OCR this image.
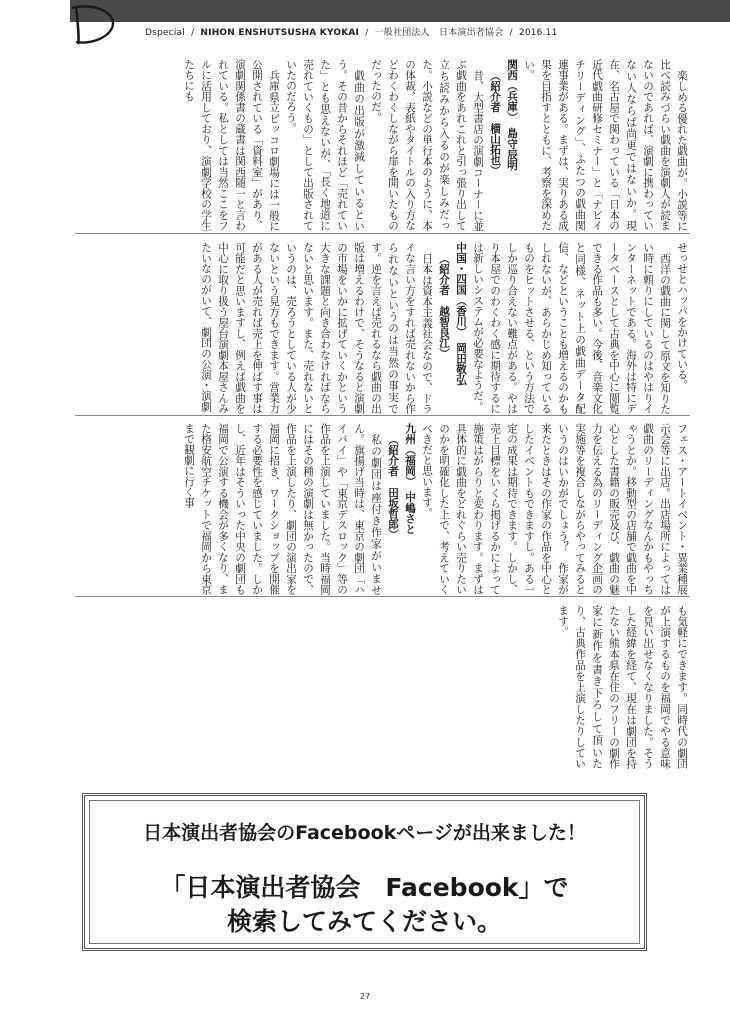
Dspecial / NIHON ENSHUTSUSHA KYOKAI / 一般社団法人　日本演出者協会 / 2016.11

楽しめる優れた戯曲が。小説等に比べ読みづらい戯曲を演劇人が読まないのであれば、演劇に携わっていない人ならば尚更ではないか。現在、名古屋で関わっている「日本の近代戯曲研修セミナー」と「ナビイチリーディング」、ふたつの戯曲関連事業がある。まずは、実りある成果を目指すとともに、考察を深めたい。

関西（兵庫）　島守辰明

（紹介者　横山拓也）

昔、大型書店の演劇コーナーに並ぶ戯曲をあれこれと引っ張り出して立ち読みから入るのが楽しみだった。小説などの単行本のように、本の体裁、表紙やタイトルの入り方などわくわくしながら扉を開いたものだったのだ。

戯曲の出版が激減しているという。その昔からそれほど「売れていた」とも思えないが、「長く地道に売れていくもの」として出版されていたのだろう。

兵庫県立ピッコロ劇場には一般に公開されている「資料室」があり、演劇関係書の蔵書は関西随一と言われている。私としては当然ここをフルに活用しており、演劇学校の学生たちにも

せっせとハッパをかけている。

西洋の戯曲に関して原文を知りたい時に頼りにしているのはやはりインターネットである。海外は特にデータベースとして古典を中心に閲覧できる作品も多い。今後、音楽文化と同様、ネット上の戯曲データ配信、などということも増えるのかもしれないが、あらかじめ知っているものをヒットさせる、という方法でしか巡り合えない難点がある。やはり本屋でのわくわく感に期待するには新しいシステムが必要なようだ。

中国・四国（香川）　岡田敬弘

（紹介者　越智良江）

日本は資本主義社会なので、ドライな言い方をすれば売れないから作られないというのは当然の事実です。逆を言えば売れるなら戯曲の出版は増えるわけで、そうなると演劇の市場をいかに拡げていくかという大きな課題と向き合わなければならないと思います。また、売れないというのは、売ろうとしている人が少ないという見方もできます。営業力がある人が売れば売上を伸ばす事は可能だと思いますし、例えば戯曲を中心に取り扱う屋台演劇本屋さんみたいなのがいて、劇団の公演・演劇

フェス・アートイベント・異業種展示会等に出店。出店場所によっては戯曲のリーディングなんかもやっちゃうとか。移動型の店舗で戯曲を中心とした書籍の販売及び、戯曲の魅力を伝える為のリーディング企画の実施等を複合しながらやってみるというのはいかがでしょう？　作家が来たときはその作家の作品を中心としたイベントもできますし。ある一定の成果は期待できます。しかし、売上目標をいくら掲げるかによって施策はがらりと変わります。まずは具体的に戯曲をどれぐらい売りたいのかを明確化した上で、考えていくべきだと思います。

九州（福岡）　中嶋さと

（紹介者　田坂哲郎）

私の劇団は座付き作家がいません。旗揚げ当時は、東京の劇団「ハイバイ」や「東京デスロック」等の作品を上演していました。当時福岡にはその種の演劇は無かったので、作品を上演したり、劇団の演出家を福岡に招き、ワークショップを開催する必要性を感じていました。しかし、近年はそういった中央の劇団も福岡で公演する機会が多くなり、また格安航空チケットで福岡から東京まで観劇に行く事

も気軽にできます。同時代の劇団が上演するものを福岡でやる意味を見い出せなくなりました。そうした経緯を経て、現在は劇団を持たない熊本県在住のフリーの劇作家に新作を書き下ろして頂いたり、古典作品を上演したりしています。

日本演出者協会のFacebookページが出来ました！
「日本演出者協会　Facebook」で
検索してみてください。
27
